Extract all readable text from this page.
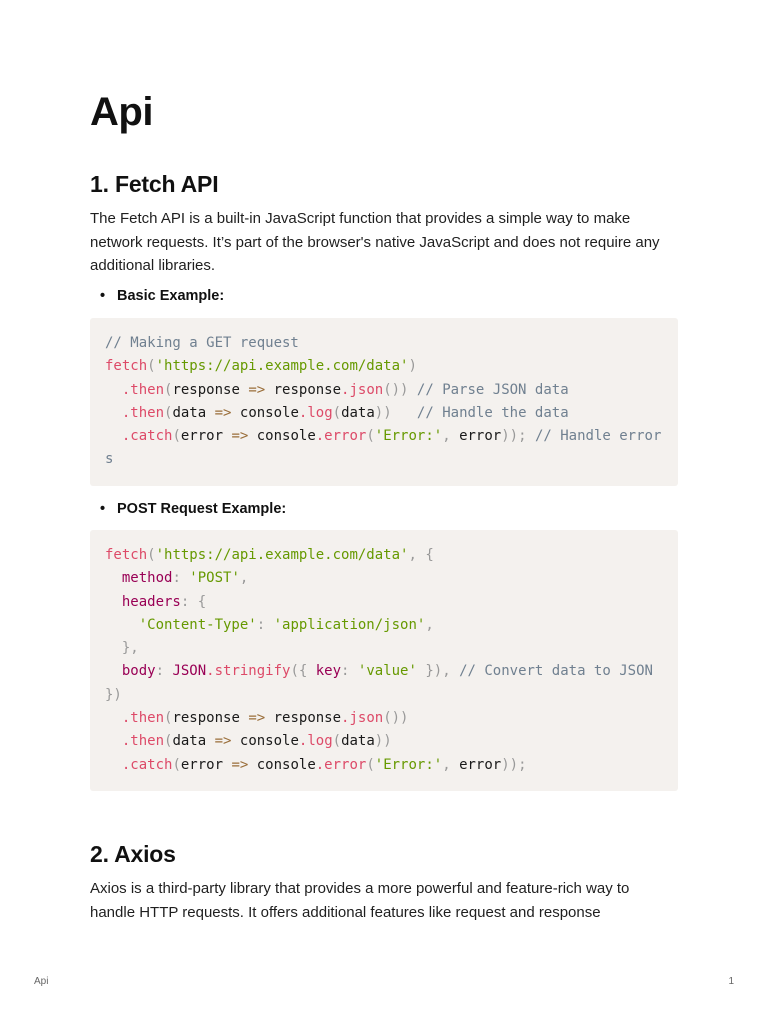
Api
1. Fetch API

The Fetch API is a built-in JavaScript function that provides a simple way to make network requests. It’s part of the browser's native JavaScript and does not require any additional libraries.

• Basic Example:

// Making a GET request
fetch('https://api.example.com/data')
.then(response => response.json()) // Parse JSON data
.then(data => console.log(data))   // Handle the data
.catch(error => console.error('Error:', error)); // Handle errors

• POST Request Example:

fetch('https://api.example.com/data', {
method: 'POST',
headers: {
'Content-Type': 'application/json',
},
body: JSON.stringify({ key: 'value' }), // Convert data to JSON
})
.then(response => response.json())
.then(data => console.log(data))
.catch(error => console.error('Error:', error));
2. Axios

Axios is a third-party library that provides a more powerful and feature-rich way to handle HTTP requests. It offers additional features like request and response

Api	1
